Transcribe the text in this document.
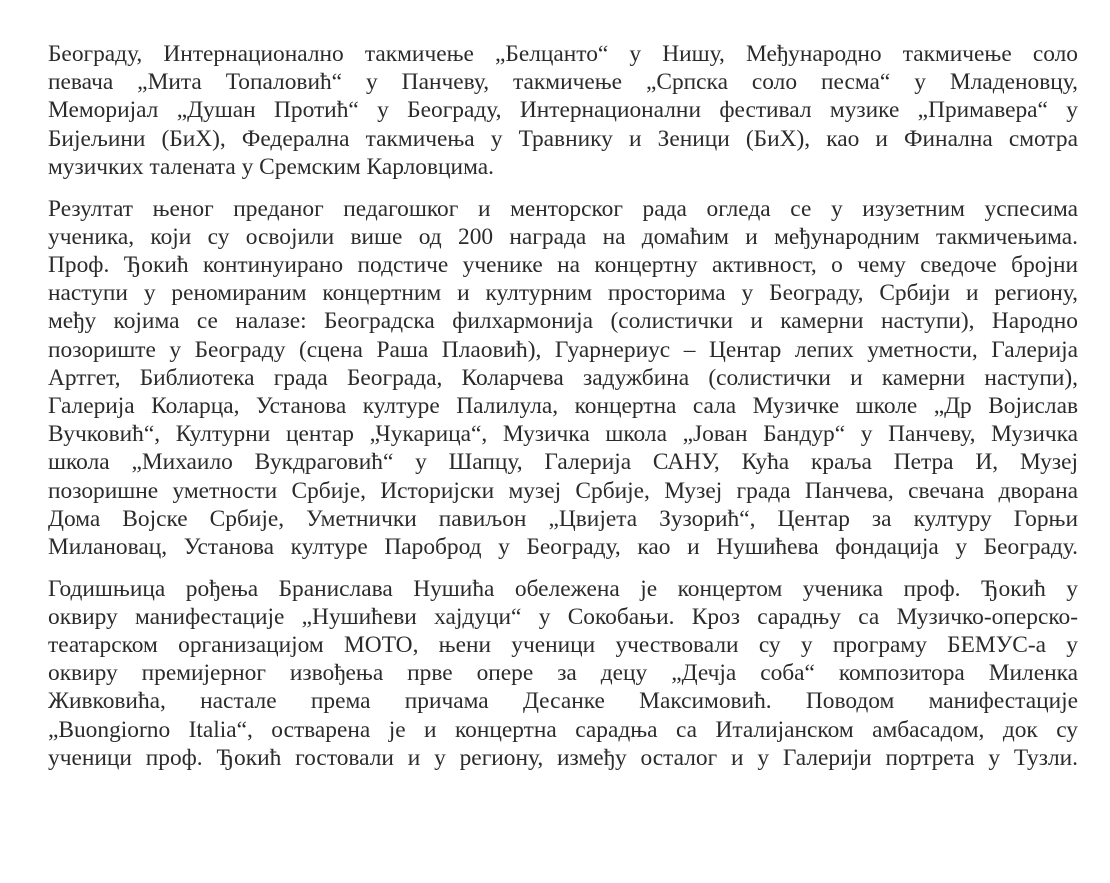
Београду, Интернационално такмичење „Белцанто“ у Нишу, Међународно такмичење соло
певача „Мита Топаловић“ у Панчеву, такмичење „Српска соло песма“ у Младеновцу,
Меморијал „Душан Протић“ у Београду, Интернационални фестивал музике „Примавера“ у
Бијељини (БиХ), Федерална такмичења у Травнику и Зеници (БиХ), као и Финална смотра
музичких талената у Сремским Карловцима.
Резултат њеног преданог педагошког и менторског рада огледа се у изузетним успесима
ученика, који су освојили више од 200 награда на домаћим и међународним такмичењима.
Проф. Ђокић континуирано подстиче ученике на концертну активност, о чему сведоче бројни
наступи у реномираним концертним и културним просторима у Београду, Србији и региону,
међу којима се налазе: Београдска филхармонија (солистички и камерни наступи), Народно
позориште у Београду (сцена Раша Плаовић), Гуарнериус – Центар лепих уметности, Галерија
Артгет, Библиотека града Београда, Коларчева задужбина (солистички и камерни наступи),
Галерија Коларца, Установа културе Палилула, концертна сала Музичке школе „Др Војислав
Вучковић“, Културни центар „Чукарица“, Музичка школа „Јован Бандур“ у Панчеву, Музичка
школа „Михаило Вукдраговић“ у Шапцу, Галерија САНУ, Кућа краља Петра И, Музеј
позоришне уметности Србије, Историјски музеј Србије, Музеј града Панчева, свечана дворана
Дома Војске Србије, Уметнички павиљон „Цвијета Зузорић“, Центар за културу Горњи
Милановац, Установа културе Пароброд у Београду, као и Нушићева фондација у Београду.
Годишњица рођења Бранислава Нушића обележена је концертом ученика проф. Ђокић у
оквиру манифестације „Нушићеви хајдуци“ у Сокобањи. Кроз сарадњу са Музичко-оперско-
театарском организацијом МОТО, њени ученици учествовали су у програму БЕМУС-а у
оквиру премијерног извођења прве опере за децу „Дечја соба“ композитора Миленка
Живковића, настале према причама Десанке Максимовић. Поводом манифестације
„Buongiorno Italia“, остварена је и концертна сарадња са Италијанском амбасадом, док су
ученици проф. Ђокић гостовали и у региону, између осталог и у Галерији портрета у Тузли.
